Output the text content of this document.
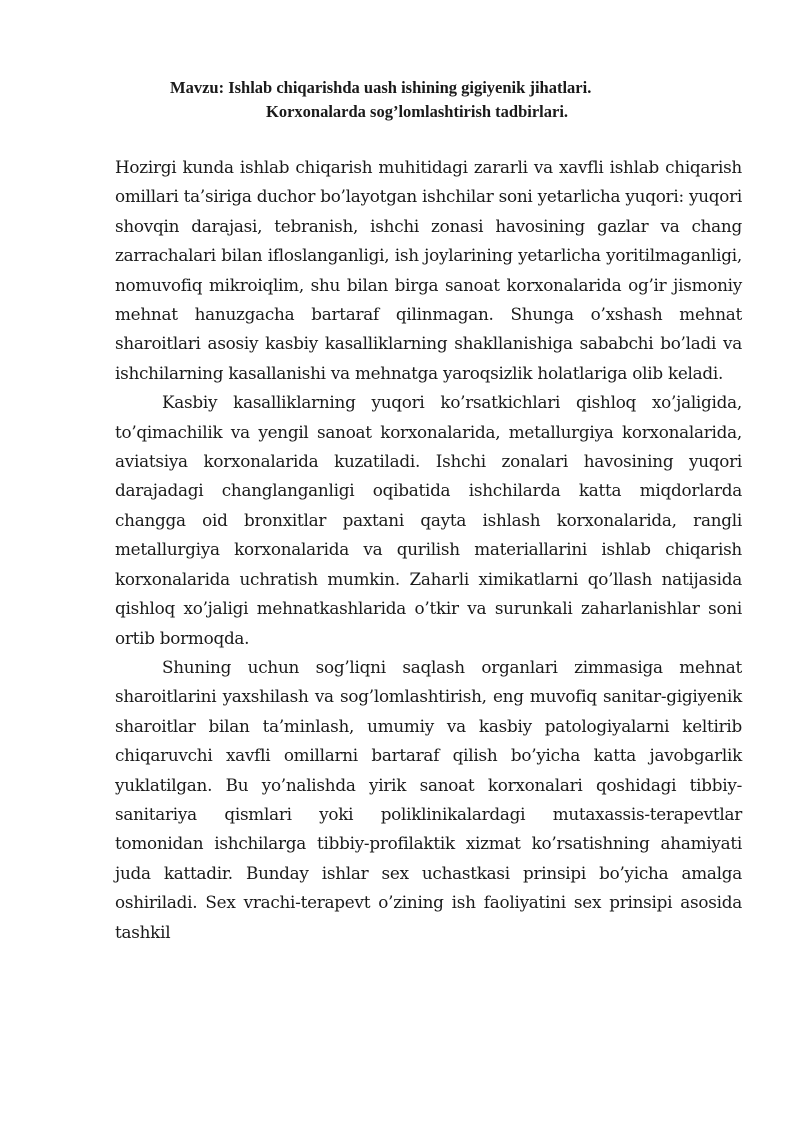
Mavzu: Ishlab chiqarishda uash ishining gigiyenik jihatlari.
Korxonalarda sog’lomlashtirish tadbirlari.

Hozirgi kunda ishlab chiqarish muhitidagi zararli va xavfli ishlab chiqarish omillari ta’siriga duchor bo’layotgan ishchilar soni yetarlicha yuqori: yuqori shovqin darajasi, tebranish, ishchi zonasi havosining gazlar va chang zarrachalari bilan ifloslanganligi, ish joylarining yetarlicha yoritilmaganligi, nomuvofiq mikroiqlim, shu bilan birga sanoat korxonalarida og’ir jismoniy mehnat hanuzgacha bartaraf qilinmagan. Shunga o’xshash mehnat sharoitlari asosiy kasbiy kasalliklarning shakllanishiga sababchi bo’ladi va ishchilarning kasallanishi va mehnatga yaroqsizlik holatlariga olib keladi.

Kasbiy kasalliklarning yuqori ko’rsatkichlari qishloq xo’jaligida, to’qimachilik va yengil sanoat korxonalarida, metallurgiya korxonalarida, aviatsiya korxonalarida kuzatiladi. Ishchi zonalari havosining yuqori darajadagi changlanganligi oqibatida ishchilarda katta miqdorlarda changga oid bronxitlar paxtani qayta ishlash korxonalarida, rangli metallurgiya korxonalarida va qurilish materiallarini ishlab chiqarish korxonalarida uchratish mumkin. Zaharli ximikatlarni qo’llash natijasida qishloq xo’jaligi mehnatkashlarida o’tkir va surunkali zaharlanishlar soni ortib bormoqda.

Shuning uchun sog’liqni saqlash organlari zimmasiga mehnat sharoitlarini yaxshilash va sog’lomlashtirish, eng muvofiq sanitar-gigiyenik sharoitlar bilan ta’minlash, umumiy va kasbiy patologiyalarni keltirib chiqaruvchi xavfli omillarni bartaraf qilish bo’yicha katta javobgarlik yuklatilgan. Bu yo’nalishda yirik sanoat korxonalari qoshidagi tibbiy-sanitariya qismlari yoki poliklinikalardagi mutaxassis-terapevtlar tomonidan ishchilarga tibbiy-profilaktik xizmat ko’rsatishning ahamiyati juda kattadir. Bunday ishlar sex uchastkasi prinsipi bo’yicha amalga oshiriladi. Sex vrachi-terapevt o’zining ish faoliyatini sex prinsipi asosida tashkil
